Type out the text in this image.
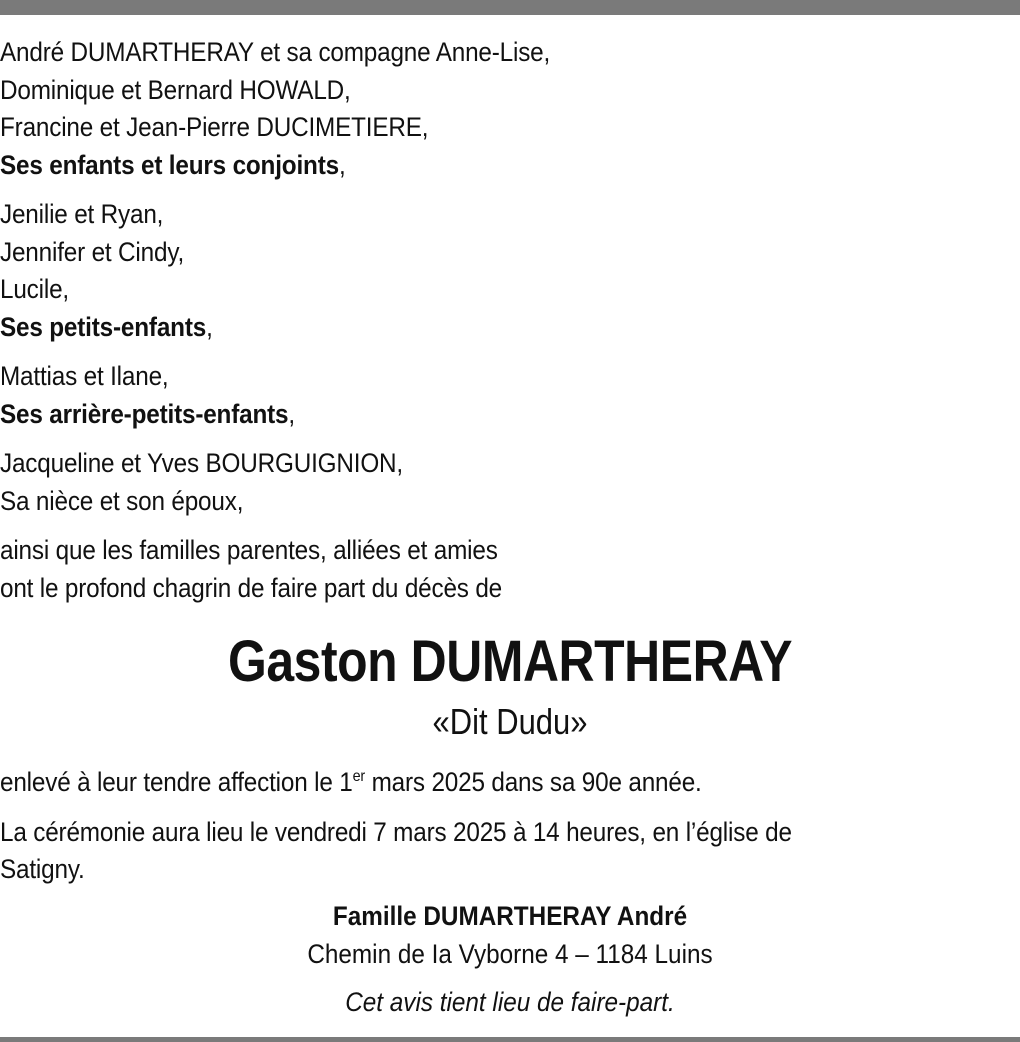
André DUMARTHERAY et sa compagne Anne-Lise,
Dominique et Bernard HOWALD,
Francine et Jean-Pierre DUCIMETIERE,
Ses enfants et leurs conjoints,
Jenilie et Ryan,
Jennifer et Cindy,
Lucile,
Ses petits-enfants,
Mattias et Ilane,
Ses arrière-petits-enfants,
Jacqueline et Yves BOURGUIGNION,
Sa nièce et son époux,
ainsi que les familles parentes, alliées et amies
ont le profond chagrin de faire part du décès de
Gaston DUMARTHERAY
«Dit Dudu»
enlevé à leur tendre affection le 1er mars 2025 dans sa 90e année.
La cérémonie aura lieu le vendredi 7 mars 2025 à 14 heures, en l’église de
Satigny.
Famille DUMARTHERAY André
Chemin de Ia Vyborne 4 – 1184 Luins
Cet avis tient lieu de faire-part.
